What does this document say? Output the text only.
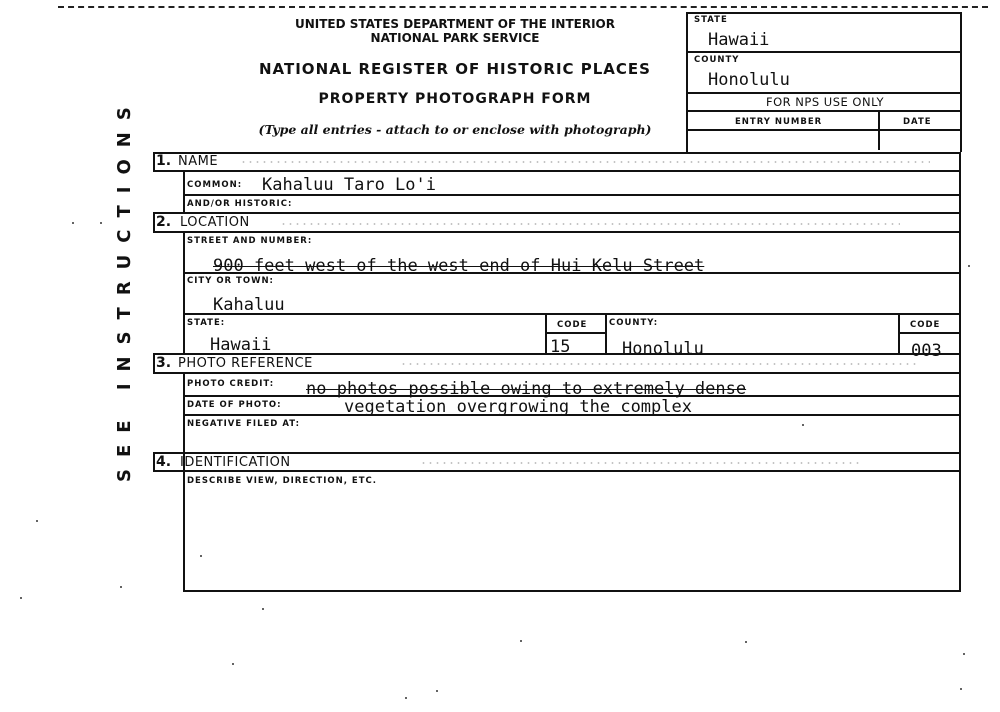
UNITED STATES DEPARTMENT OF THE INTERIOR
NATIONAL PARK SERVICE
NATIONAL REGISTER OF HISTORIC PLACES
PROPERTY PHOTOGRAPH FORM
(Type all entries - attach to or enclose with photograph)
STATE
Hawaii
COUNTY
Honolulu
FOR NPS USE ONLY
ENTRY NUMBER	DATE
SEE INSTRUCTIONS 1. NAME
COMMON: Kahaluu Taro Lo'i
AND/OR HISTORIC:
2. LOCATION
STREET AND NUMBER:
900 feet west of the west end of Hui Kelu Street
CITY OR TOWN:
Kahaluu
STATE:
Hawaii
CODE
15
COUNTY:
Honolulu
CODE
003
3. PHOTO REFERENCE
PHOTO CREDIT: no photos possible owing to extremely dense
DATE OF PHOTO:	vegetation overgrowing the complex
NEGATIVE FILED AT:
4. IDENTIFICATION
DESCRIBE VIEW, DIRECTION, ETC.
